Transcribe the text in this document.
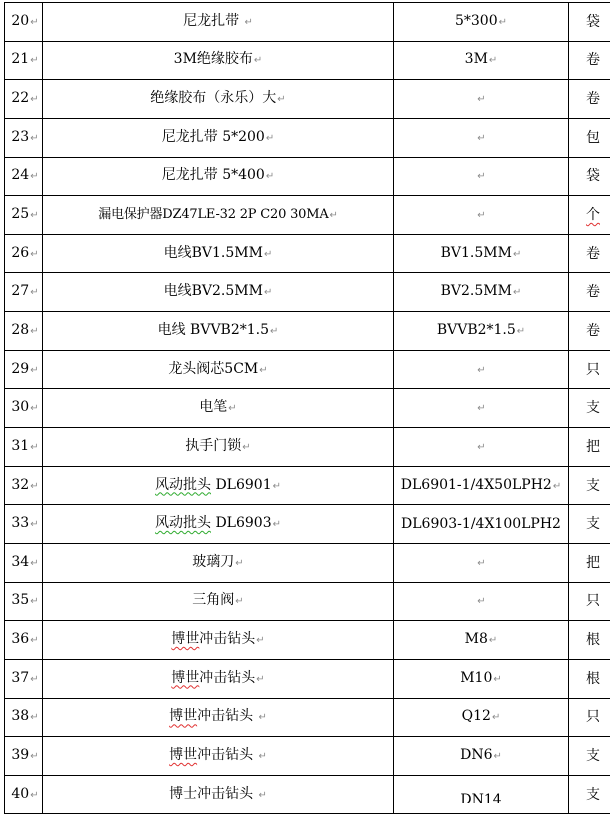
20↵	尼龙扎带 ↵	5*300↵	袋
21↵	3M绝缘胶布↵	3M↵	卷
22↵	绝缘胶布（永乐）大↵	↵	卷
23↵	尼龙扎带 5*200↵	↵	包
24↵	尼龙扎带 5*400↵	↵	袋
25↵	漏电保护器DZ47LE-32 2P C20 30MA↵	↵	个
26↵	电线BV1.5MM↵	BV1.5MM↵	卷
27↵	电线BV2.5MM↵	BV2.5MM↵	卷
28↵	电线 BVVB2*1.5↵	BVVB2*1.5↵	卷
29↵	龙头阀芯5CM↵	↵	只
30↵	电笔↵	↵	支
31↵	执手门锁↵	↵	把
32↵	风动批头 DL6901↵	DL6901-1/4X50LPH2↵	支
33↵	风动批头 DL6903↵	DL6903-1/4X100LPH2	支
34↵	玻璃刀↵	↵	把
35↵	三角阀↵	↵	只
36↵	博世冲击钻头↵	M8↵	根
37↵	博世冲击钻头↵	M10↵	根
38↵	博世冲击钻头 ↵	Q12↵	只
39↵	博世冲击钻头 ↵	DN6↵	支
40↵	博士冲击钻头 ↵	DN14	支
